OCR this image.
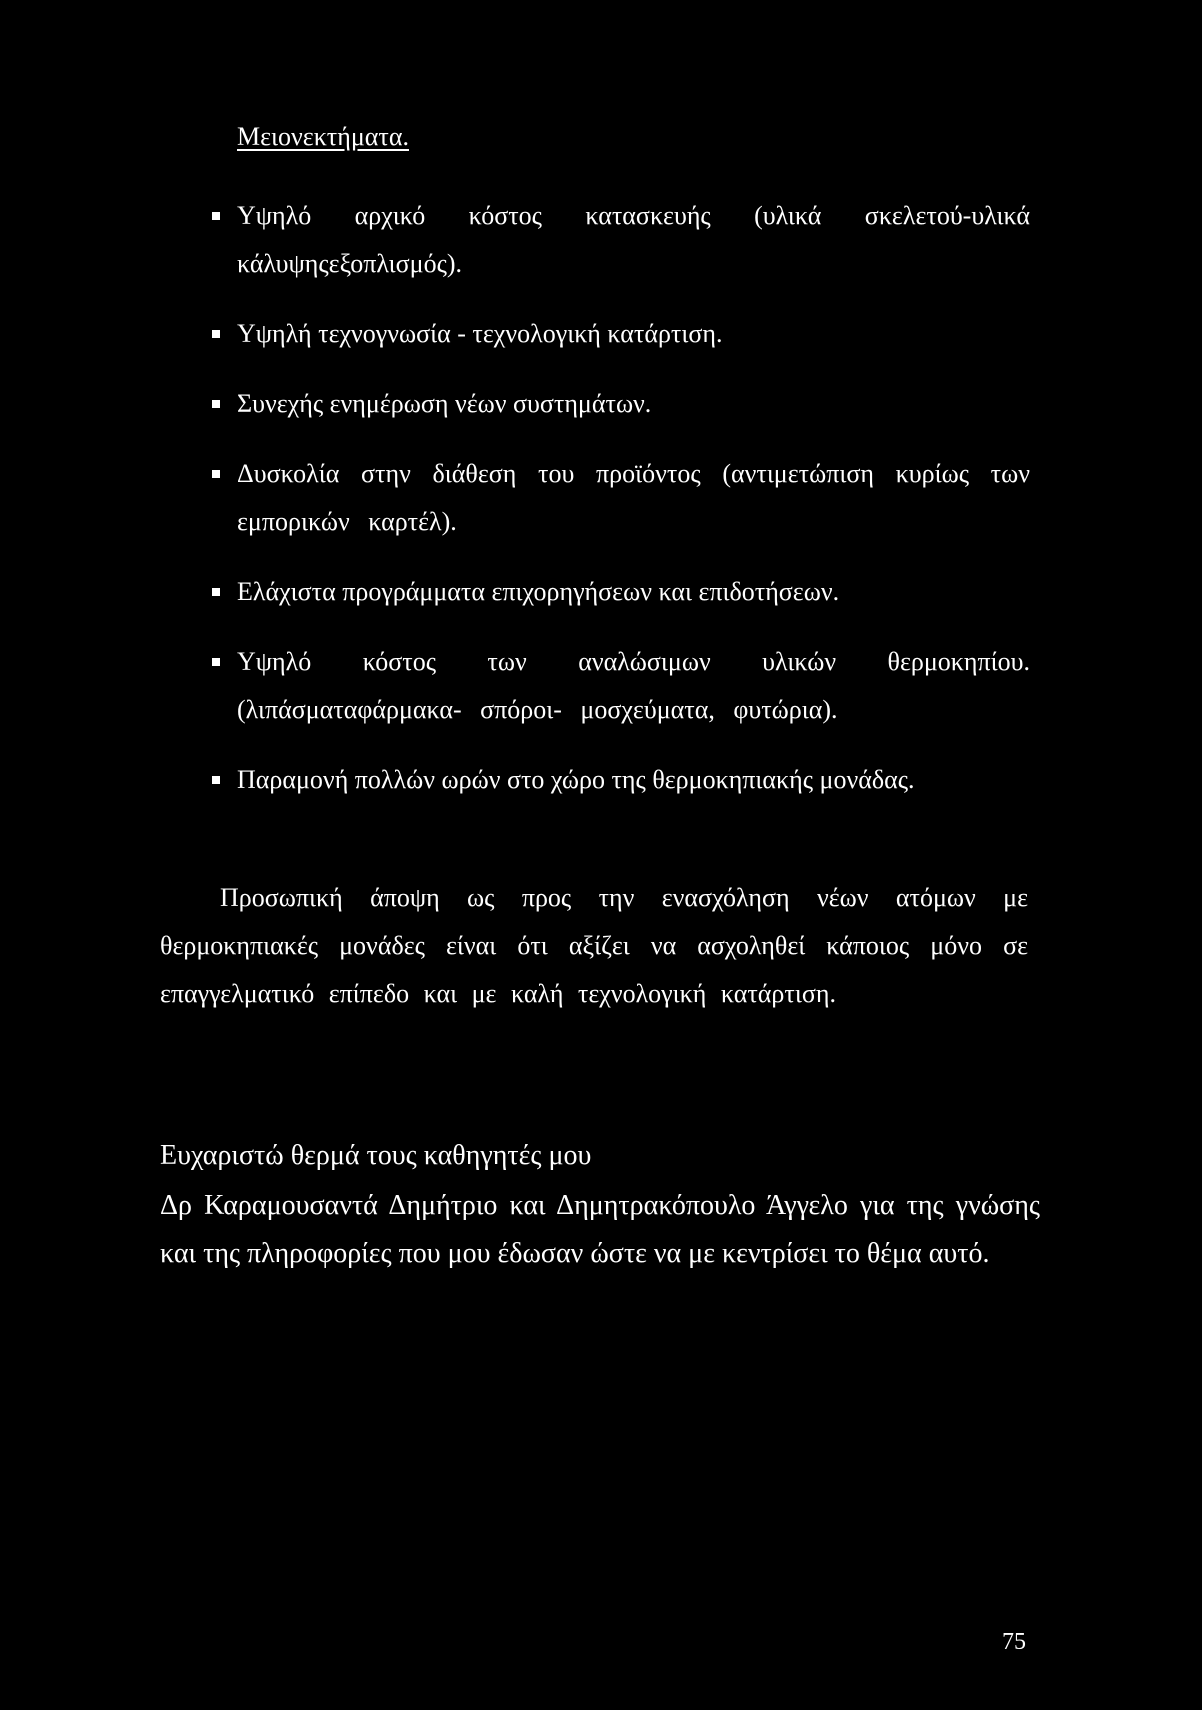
Μειονεκτήματα.
Υψηλό αρχικό κόστος κατασκευής (υλικά σκελετού-υλικά κάλυψηςεξοπλισμός).
Υψηλή τεχνογνωσία - τεχνολογική κατάρτιση.
Συνεχής ενημέρωση νέων συστημάτων.
Δυσκολία στην διάθεση του προϊόντος (αντιμετώπιση κυρίως των εμπορικών καρτέλ).
Ελάχιστα προγράμματα επιχορηγήσεων και επιδοτήσεων.
Υψηλό κόστος των αναλώσιμων υλικών θερμοκηπίου. (λιπάσματαφάρμακα- σπόροι- μοσχεύματα, φυτώρια).
Παραμονή πολλών ωρών στο χώρο της θερμοκηπιακής μονάδας.

Προσωπική άποψη ως προς την ενασχόληση νέων ατόμων με θερμοκηπιακές μονάδες είναι ότι αξίζει να ασχοληθεί κάποιος μόνο σε επαγγελματικό επίπεδο και με καλή τεχνολογική κατάρτιση.

Ευχαριστώ θερμά τους καθηγητές μου

Δρ Καραμουσαντά Δημήτριο και Δημητρακόπουλο Άγγελο για της γνώσης και της πληροφορίες που μου έδωσαν ώστε να με κεντρίσει το θέμα αυτό.

75
